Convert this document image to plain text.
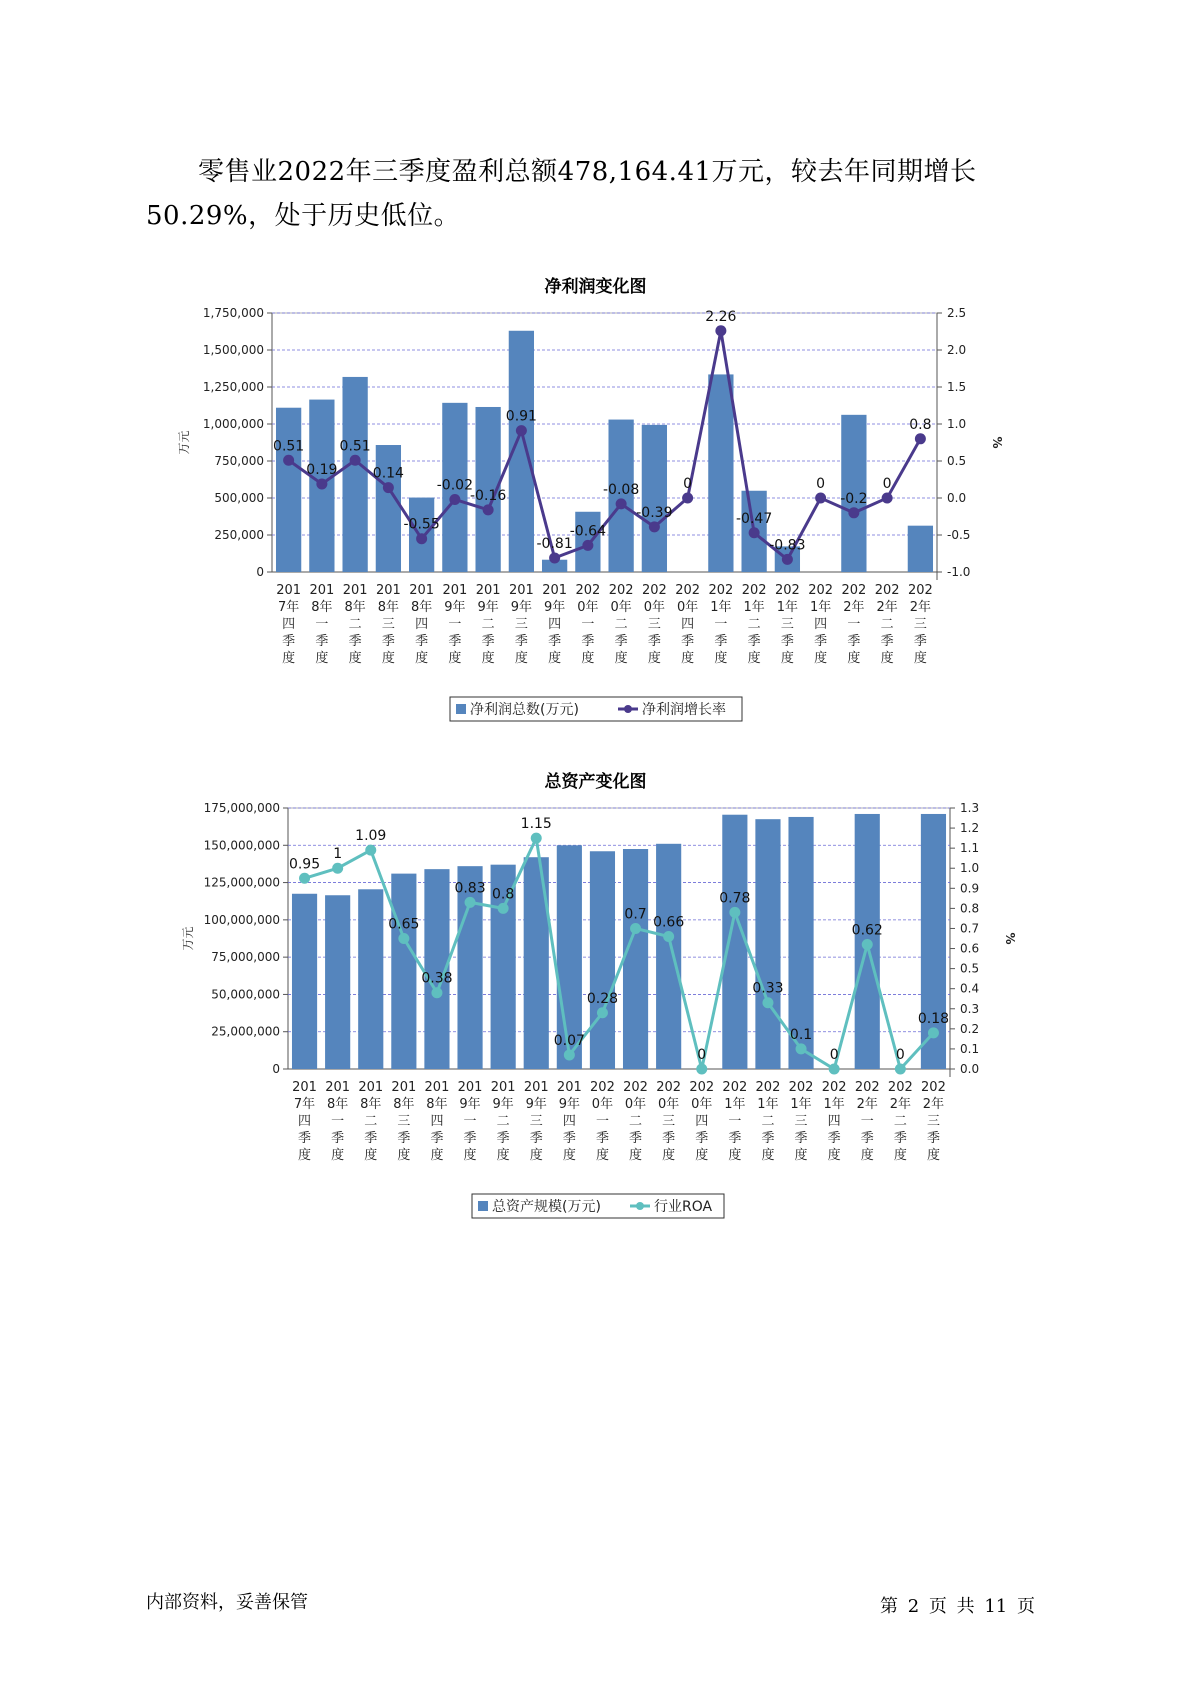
零售业2022年三季度盈利总额478,164.41万元，较去年同期增长50.29%，处于历史低位。

净利润变化图
0
250,000
500,000
750,000
1,000,000
1,250,000
1,500,000
1,750,000
-1.0
-0.5
0.0
0.5
1.0
1.5
2.0
2.5
万元	%
201 7年四季度
201 8年一季度
201 8年二季度
201 8年三季度
201 8年四季度
201 9年一季度
201 9年二季度
201 9年三季度
201 9年四季度
202 0年一季度
202 0年二季度
202 0年三季度
202 0年四季度
202 1年一季度
202 1年二季度
202 1年三季度
202 1年四季度
202 2年一季度
202 2年二季度
202 2年三季度
0.51
0.19
0.51
0.14
-0.55
-0.02
-0.16
0.91
-0.81
-0.64
-0.08
-0.39
0
2.26
-0.47
-0.83
0
-0.2
0
0.8
净利润总数(万元)	净利润增长率
总资产变化图
0
25,000,000
50,000,000
75,000,000
100,000,000
125,000,000
150,000,000
175,000,000
0.0
0.1
0.2
0.3
0.4
0.5
0.6
0.7
0.8
0.9
1.0
1.1
1.2
1.3
万元	%
201 7年四季度
201 8年一季度
201 8年二季度
201 8年三季度
201 8年四季度
201 9年一季度
201 9年二季度
201 9年三季度
201 9年四季度
202 0年一季度
202 0年二季度
202 0年三季度
202 0年四季度
202 1年一季度
202 1年二季度
202 1年三季度
202 1年四季度
202 2年一季度
202 2年二季度
202 2年三季度
0.95
1
1.09
0.65
0.38
0.83 0.8
1.15
0.07
0.28
0.7
0.66
0
0.78
0.33
0.1
0
0.62
0
0.18
总资产规模(万元)	行业ROA
内部资料，妥善保管	第 2 页 共 11 页
